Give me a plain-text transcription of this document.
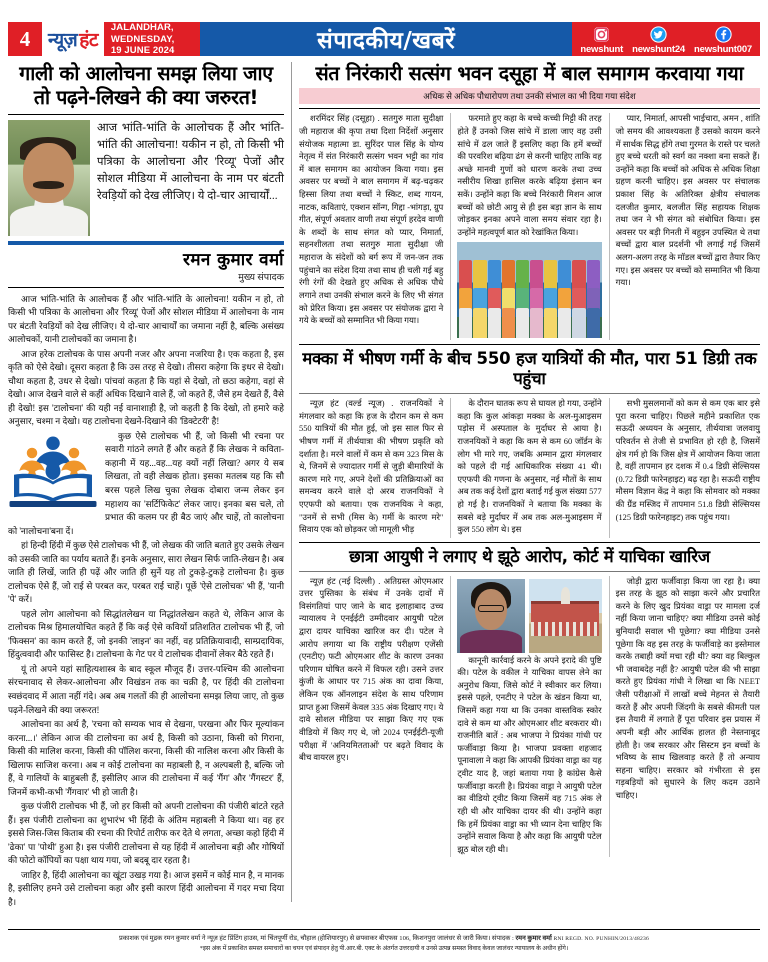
4 न्यूज़ हंट
JALANDHAR, WEDNESDAY,
19 JUNE 2024	संपादकीय/खबरें	newshunt newshunt24 newshunt007
गाली को आलोचना समझ लिया जाए
तो पढ़ने-लिखने की क्या जरुरत!
आज भांति-भांति के आलोचक हैं और भांति-भांति की आलोचना! यकीन न हो, तो किसी भी पत्रिका के आलोचना और 'रिव्यू' पेजों और सोशल मीडिया में आलोचना के नाम पर बंटती रेवड़ियों को देख लीजिए। ये दो-चार आचार्यों...
रमन कुमार वर्मा
मुख्य संपादक

आज भांति-भांति के आलोचक हैं और भांति-भांति के आलोचना! यकीन न हो, तो किसी भी पत्रिका के आलोचना और 'रिव्यू' पेजों और सोशल मीडिया में आलोचना के नाम पर बंटती रेवड़ियों को देख लीजिए। ये दो-चार आचार्यों का जमाना नहीं है, बल्कि असंख्य आलोचकों, यानी टालोचकों का जमाना है।

आज हरेक टालोचक के पास अपनी नजर और अपना नजरिया है। एक कहता है, इस कृति को ऐसे देखो। दूसरा कहता है कि उस तरह से देखो। तीसरा कहेगा कि इधर से देखो। चौथा कहता है, उधर से देखो। पांचवां कहता है कि यहां से देखो, तो छठा कहेगा, वहां से देखो। आज देखने वाले से कहीं अधिक दिखाने वाले हैं, जो कहते हैं, जैसे हम देखते हैं, वैसे ही देखो! इस 'टालोचना' की यही नई वानाशाही है, जो कहती है कि देखो, तो हमारे कहे अनुसार, चश्मा न देखो। यह टालोचना देखने-दिखाने की 'डिक्टेटरी' है!

कुछ ऐसे टालोचक भी हैं, जो किसी भी रचना पर सवारी गांठने लगते हैं और कहते हैं कि लेखक ने कविता-कहानी में यह...वह...यह क्यों नहीं लिखा? अगर ये सब लिखता, तो वही लेखक होता। इसका मतलब यह कि सौ बरस पहले लिख चुका लेखक दोबारा जन्म लेकर इन महाशय का 'सर्टिफिकेट' लेकर जाए। इनका बस चले, तो प्रभात की कलम पर ही बैठ जाएं और चाहें, तो कालोचना को 'नालोचना'बना दें।

हां हिन्दी हिंदी में कुछ ऐसे टालोचक भी हैं, जो लेखक की जाति बताते हुए उसके लेखन को उसकी जाति का पर्याय बताते हैं। इनके अनुसार, सारा लेखन सिर्फ जाति-लेखन है। अब जाति ही लिखें, जाति ही पढ़ें और जाति ही सुनें यह तो टुकड़े-टुकड़े टालोचना है। कुछ टालोचक ऐसे हैं, जो राई से परबत कर, परबत राई चाहें। पूछें 'ऐसे टालोचक' भी हैं, 'यानी 'पे' करें।

पहले लोग आलोचना को सिद्धांतलेखन या निद्धांतलेखन कहते थे, लेकिन आज के टालोचक मिश्र हिमालयोचित कहते हैं कि कई ऐसे कवियों प्रतिशतित टालोचक भी हैं, जो 'फिक्सन' का काम करते हैं, जो इनकी 'लाइन' का नहीं, वह प्रतिक्रियावादी, साम्प्रदायिक, हिंदुत्ववादी और फासिस्ट है। टालोचना के गेट पर ये टालोचक दीवानों लेकर बैठे रहते हैं।

यूं तो अपने यहां साहित्यशास्त्र के बाद स्कूल मौजूद हैं। उत्तर-पश्चिम की आलोचना संरचनावाद से लेकर-आलोचना और विखंडन तक का चक्री है, पर हिंदी की टालोचना स्वछंदवाद में आता नहीं गंदे। अब अब गलतों की ही आलोचना समझ लिया जाए, तो कुछ पढ़ने-लिखने की क्या जरूरत!

आलोचना का अर्थ है, 'रचना को सम्यक भाव से देखना, परखना और फिर मूल्यांकन करना...।' लेकिन आज की टालोचना का अर्थ है, किसी को उठाना, किसी को गिराना, किसी की मालिश करना, किसी की पॉलिश करना, किसी की नालिश करना और किसी के खिलाफ साजिश करना। अब न कोई टालोचना का महाबली है, न अल्पबली है, बल्कि जो हैं, वे गालियों के बाहुबली हैं, इसीलिए आज की टालोचना में कई 'गैंग' और 'गैंगस्टर' हैं, जिनमें कभी-कभी 'गैंगवार' भी हो जाती है।

कुछ पंजीरी टालोचक भी हैं, जो हर किसी को अपनी टालोचना की पंजीरी बांटते रहते हैं। इस पंजीरी टालोचना का शुभारंभ भी हिंदी के अंतिम महाबली ने किया था। वह हर इससे जिस-जिस किताब की रचना की रिपोर्ट तारीफ कर देते थे लगता, अच्छा कहो हिंदी में 'ढेका' पा 'पोथी' हुआ है। इस पंजीरी टालोचना से यह हिंदी में आलोचना बड़ी और गोषियों की फोटो कॉपियों का पक्षा थाय गया, जो बदबू दार रहता है।

जाहिर है, हिंदी आलोचना का खूंटा उखड़ गया है। आज इसमें न कोई मान है, न मानक है, इसीलिए हमने उसे टालोचना कहा और इसी कारण हिंदी आलोचना में गदर मचा दिया है।

संत निरंकारी सत्संग भवन दसूहा में बाल समागम करवाया गया
अधिक से अधिक पौधारोपण तथा उनकी संभाल का भी दिया गया संदेश

शरमिंदर सिंह (दसूहा) . सतगुरु माता सुदीक्षा जी महाराज की कृपा तथा दिशा निर्देशों अनुसार संयोजक महात्मा डा. सुरिंदर पाल सिंह के योग्य नेतृत्व में संत निरंकारी सत्संग भवन भट्टी का गांव में बाल समागम का आयोजन किया गया। इस अवसर पर बच्चों ने बाल समागम में बढ़-चढ़कर हिस्सा लिया तथा बच्चों ने स्किट, शब्द गायन, नाटक, कविताएं, एक्शन सॉन्ग, गिद्दा -भांगड़ा, ग्रुप गीत, संपूर्ण अवतार वाणी तथा संपूर्ण हरदेव वाणी के शब्दों के साथ संगत को प्यार, निमार्ता, सहनशीलता तथा सतगुरु माता सुदीक्षा जी महाराज के संदेशों को बर्ग रूप में जन-जन तक पहुंचाने का संदेश दिया तथा साथ ही चली गई बहु रंगी रंगों की देखते हुए अधिक से अधिक पौधे लगाने तथा उनकी संभाल करने के लिए भी संगत को प्रेरित किया। इस अवसर पर संयोजक द्वारा ने गये के बच्चों को सम्मानित भी किया गया।

फरमाते हुए कहा के बच्चे कच्ची मिट्टी की तरह होते हैं उनको जिस सांचे में डाला जाए वह उसी सांचे में ढल जाते हैं इसलिए कहा कि हमें बच्चों की परवरिश बढ़िया ढंग से करनी चाहिए ताकि वह अच्छे मानवी गुणों को धारण करके तथा उच्च नसीरीय शिखा हासिल करके बढ़िया इंसान बन सकें। उन्होंने कहा कि बच्चे निरंकारी मिशन आज बच्चों को छोटी आयु से ही इस बड़ा ज्ञान के साथ जोड़कर इनका अपने वाला समय संवार रहा है। उन्होंने महत्वपूर्ण बात को रेखांकित किया।

प्यार, निमार्ता, आपसी भाईचारा, अमन , शांति जो समय की आवश्यकता हैं उसको कायम करने में सार्थक सिद्ध होंगे तथा गुरमत के रास्ते पर चलते हुए बच्चे धरती को स्वर्ग का नक्शा बना सकते हैं। उन्होंने कहा कि बच्चों को अधिक से अधिक शिक्षा ग्रहण करनी चाहिए। इस अवसर पर संचालक प्रकाश सिंह के अतिरिक्त क्षेत्रीय संचालक दलजीत कुमार, बलजीत सिंह सहायक शिक्षक तथा जन ने भी संगत को संबोधित किया। इस अवसर पर बड़ी गिनती में बहुइन उपस्थित थे तथा बच्चों द्वारा बाल प्रदर्शनी भी लगाई गई जिसमें अलग-अलग तरह के मॉडल बच्चों द्वारा तैयार किए गए। इस अवसर पर बच्चों को सम्मानित भी किया गया।

मक्का में भीषण गर्मी के बीच 550 हज यात्रियों की मौत, पारा 51 डिग्री तक पहुंचा

न्यूज़ हंट (वर्ल्ड न्यूज) . राजनयिकों ने मंगलवार को कहा कि हज के दौरान कम से कम 550 यात्रियों की मौत हुई, जो इस साल फिर से भीषण गर्मी में तीर्थयात्रा की भीषण प्रकृति को दर्शाता है। मरने वालों में कम से कम 323 मिस के थे, जिनमें से ज्यादातर गर्मी से जुड़ी बीमारियों के कारण मारे गए, अपने देशों की प्रतिक्रियाओं का समन्वय करने वाले दो अरब राजनयिकों ने एएफपी को बताया। एक राजनयिक ने कहा, "उनमें से सभी (मिस के) गर्मी के कारण मरे" सिवाय एक को छोड़कर जो मामूली भीड़

के दौरान घातक रूप से घायल हो गया, उन्होंने कहा कि कुल आंकड़ा मक्का के अल-मुआइसम पड़ोस में अस्पताल के मुर्दाघर से आया है। राजनयिकों ने कहा कि कम से कम 60 जॉर्डन के लोग भी मारे गए, जबकि अम्मान द्वारा मंगलवार को पहले दी गई आधिकारिक संख्या 41 थी। एएफपी की गणना के अनुसार, नई मौतों के साथ अब तक कई देशों द्वारा बताई गई कुल संख्या 577 हो गई है। राजनयिकों ने बताया कि मक्का के सबसे बड़े मुर्दाघर में अब तक अल-मुआइसम में कुल 550 लोग थे। इस

सभी मुसलमानों को कम से कम एक बार इसे पूरा करना चाहिए। पिछले महीने प्रकाशित एक सऊदी अध्ययन के अनुसार, तीर्थयात्रा जलवायु परिवर्तन से तेजी से प्रभावित हो रही है, जिसमें क्षेत्र गर्म हो कि जिस क्षेत्र में आयोजन किया जाता है, वहीं तापमान हर दशक में 0.4 डिग्री सेल्सियस (0.72 डिग्री फारेनहाइट) बढ़ रहा है। सऊदी राष्ट्रीय मौसम विज्ञान केंद्र ने कहा कि सोमवार को मक्का की ग्रैंड मस्जिद में तापमान 51.8 डिग्री सेल्सियस (125 डिग्री फारेनहाइट) तक पहुंच गया।

छात्रा आयुषी ने लगाए थे झूठे आरोप, कोर्ट में याचिका खारिज

न्यूज़ हंट (नई दिल्ली) . अतिग्रस्त ओएमआर उत्तर पुस्तिका के संबंध में उनके दावों में विसंगतियां पाए जाने के बाद इलाहाबाद उच्च न्यायालय ने एनईईटी उम्मीदवार आयुषी पटेल द्वारा दायर याचिका खारिज कर दी। पटेल ने आरोप लगाया था कि राष्ट्रीय परीक्षण एजेंसी (एनटीए) फटी ओएमआर शीट के कारण उनका परिणाम घोषित करने में विफल रही। उसने उत्तर कुंजी के आधार पर 715 अंक का दावा किया, लेकिन एक ऑनलाइन संदेश के साथ परिणाम प्राप्त हुआ जिसमें केवल 335 अंक दिखाए गए। ये दावे सोशल मीडिया पर साझा किए गए एक वीडियो में किए गए थे, जो 2024 एनईईटी-यूजी परीक्षा में 'अनियमितताओं' पर बढ़ते विवाद के बीच वायरल हुए।

कानूनी कार्रवाई करने के अपने इरादे की पुष्टि की। पटेल के वकील ने याचिका वापस लेने का अनुरोध किया, जिसे कोर्ट ने स्वीकार कर लिया। इससे पहले, एनटीए ने पटेल के खंडन किया था, जिसमें कहा गया था कि उनका वास्तविक स्कोर दावे से कम था और ओएमआर शीट बरकरार थी। राजनीति बातें : अब भाजपा ने प्रियंका गांधी पर फर्जीवाड़ा किया है। भाजपा प्रवक्ता शहजाद पूनावाला ने कहा कि आपकी प्रियंका वाड्रा का यह ट्वीट याद है, जहां बताया गया है कांग्रेस कैसे फर्जीवाड़ा करती है। प्रियंका वाड्रा ने आयुषी पटेल का वीडियो ट्वीट किया जिसमें वह 715 अंक ले रही थी और याचिका दायर की थी। उन्होंने कहा कि हमें प्रियंका वाड्रा का भी ध्यान देना चाहिए कि उन्होंने सवाल किया है और कहा कि आयुषी पटेल झूठ बोल रही थी।

जोड़ी द्वारा फर्जीवाड़ा किया जा रहा है। क्या इस तरह के झूठ को साझा करने और प्रचारित करने के लिए खुद प्रियंका वाड्रा पर मामला दर्ज नहीं किया जाना चाहिए? क्या मीडिया उनसे कोई बुनियादी सवाल भी पूछेगा? क्या मीडिया उनसे पूछेगा कि वह इस तरह के फर्जीवाड़े का इस्तेमाल करके तबाही क्यों मचा रही थी? क्या वह बिल्कुल भी जवाबदेह नहीं है? आयुषी पटेल की भी साझा करते हुए प्रियंका गांधी ने लिखा था कि NEET जैसी परीक्षाओं में लाखों बच्चे मेहनत से तैयारी करते हैं और अपनी जिंदगी के सबसे कीमती पल इस तैयारी में लगाते हैं पूरा परिवार इस प्रयास में अपनी बड़ी और आर्थिक हालत ही नेस्तनाबूद होती है। जब सरकार और सिस्टम इन बच्चों के भविष्य के साथ खिलवाड़ करते हैं तो अन्याय सहना चाहिए। सरकार को गंभीरता से इस गड़बड़ियों को सुधारने के लिए कदम उठाने चाहिए।

प्रकाशक एवं मुद्रक रमन कुमार वर्मा ने न्यूज़ हंट प्रिंटिंग हाउस, मां चिंतपूर्णी रोड, चौहाल (होशियारपुर) से छपवाकर बीएफस 106, किशनपुरा जालंधर से जारी किया। संपादक : रमन कुमार वर्मा RNI REGD. NO. PUNHIN/2013/48236
*इस अंक में प्रकाशित समस्त समाचारों का चयन एवं संपादन हेतु पी.आर.बी. एक्ट के अंतर्गत उत्तरदायी व उनसे उत्पन्न समस्त विवाद केवल जालंधर न्यायालय के अधीन होंगे।
